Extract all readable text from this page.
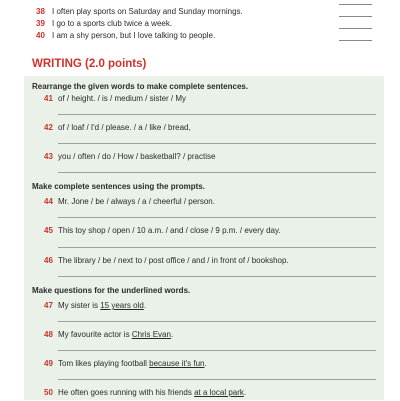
38 I often play sports on Saturday and Sunday mornings.
39 I go to a sports club twice a week.
40 I am a shy person, but I love talking to people.
WRITING (2.0 points)
Rearrange the given words to make complete sentences.
41 of / height. / is / medium / sister / My
42 of / loaf / I'd / please. / a / like / bread,
43 you / often / do / How / basketball? / practise
Make complete sentences using the prompts.
44 Mr. Jone / be / always / a / cheerful / person.
45 This toy shop / open / 10 a.m. / and / close / 9 p.m. / every day.
46 The library / be / next to / post office / and / in front of / bookshop.
Make questions for the underlined words.
47 My sister is 15 years old.
48 My favourite actor is Chris Evan.
49 Tom likes playing football because it's fun.
50 He often goes running with his friends at a local park.
